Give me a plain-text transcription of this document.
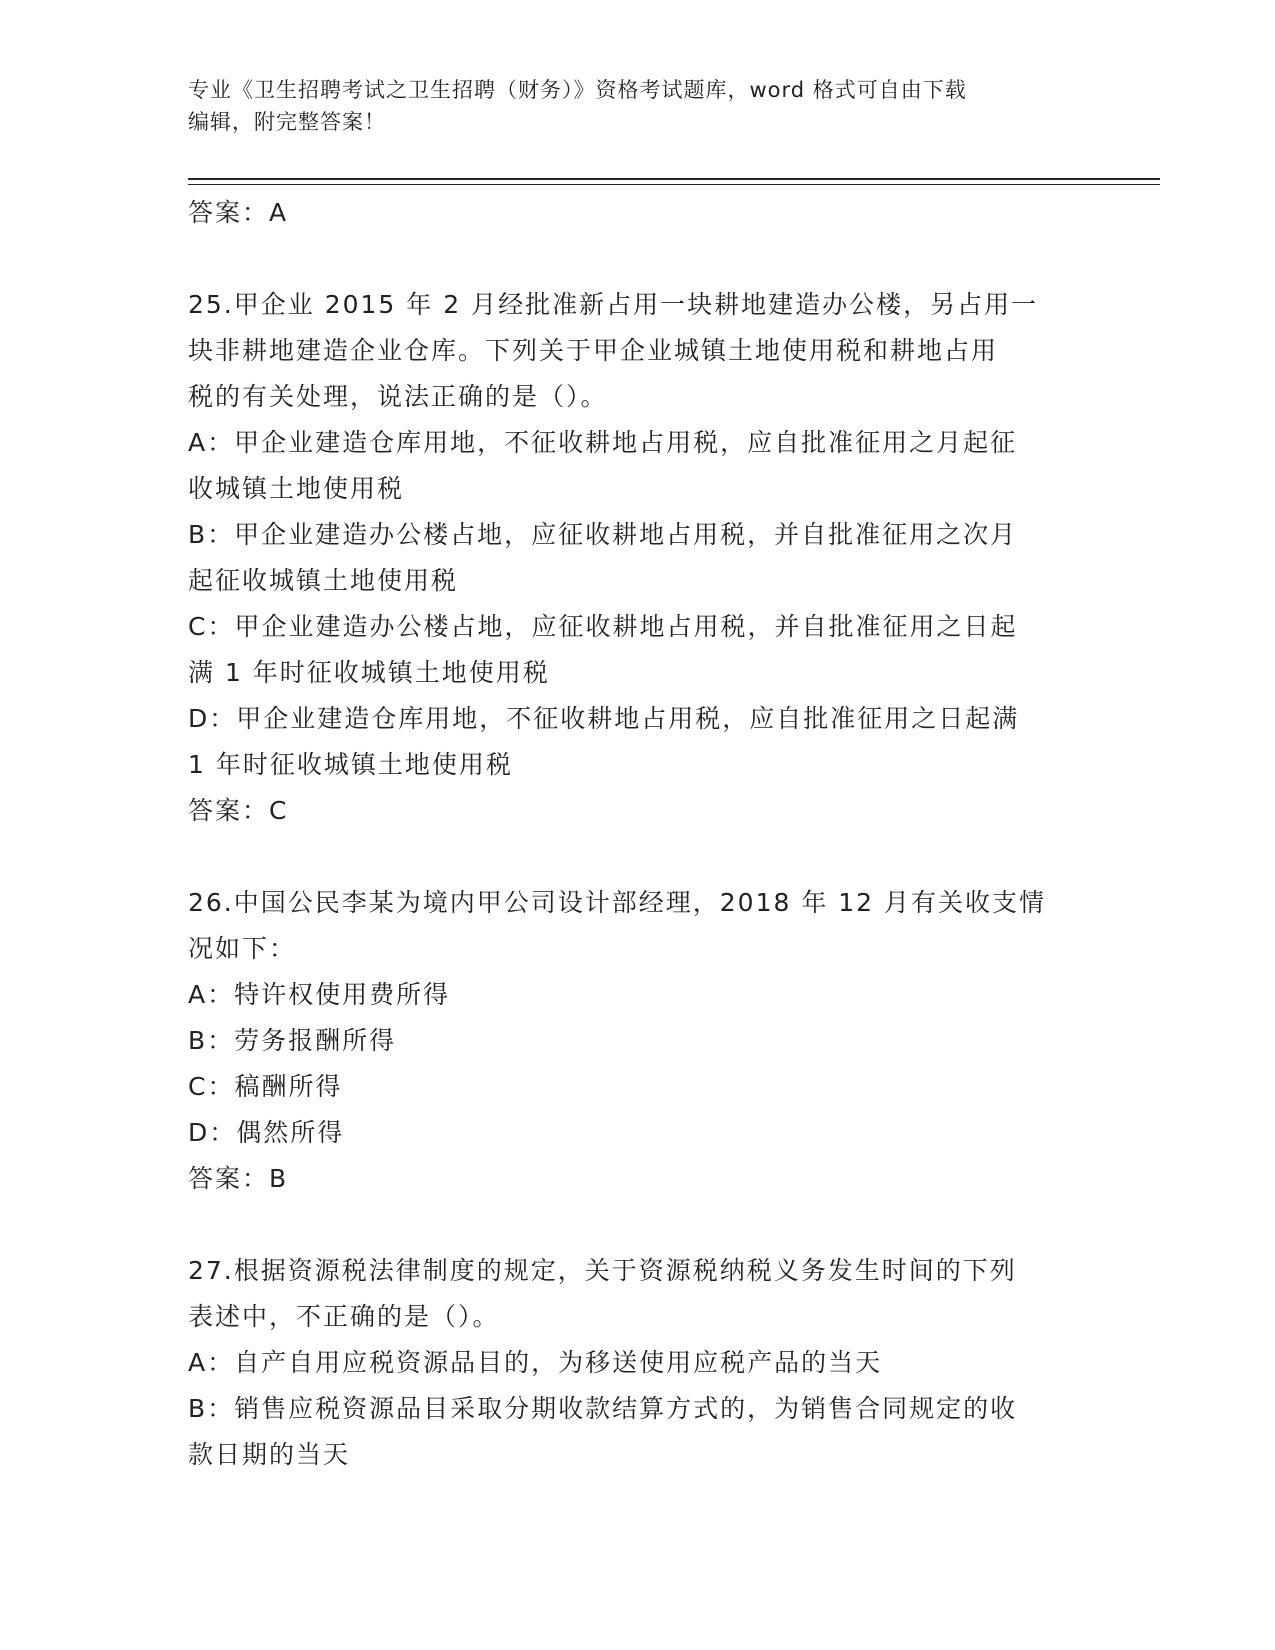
专业《卫生招聘考试之卫生招聘（财务）》资格考试题库，word 格式可自由下载
编辑，附完整答案！
答案：A
25.甲企业 2015 年 2 月经批准新占用一块耕地建造办公楼，另占用一
块非耕地建造企业仓库。下列关于甲企业城镇土地使用税和耕地占用
税的有关处理，说法正确的是（）。
A：甲企业建造仓库用地，不征收耕地占用税，应自批准征用之月起征
收城镇土地使用税
B：甲企业建造办公楼占地，应征收耕地占用税，并自批准征用之次月
起征收城镇土地使用税
C：甲企业建造办公楼占地，应征收耕地占用税，并自批准征用之日起
满 1 年时征收城镇土地使用税
D：甲企业建造仓库用地，不征收耕地占用税，应自批准征用之日起满
1 年时征收城镇土地使用税
答案：C
26.中国公民李某为境内甲公司设计部经理，2018 年 12 月有关收支情
况如下：
A：特许权使用费所得
B：劳务报酬所得
C：稿酬所得
D：偶然所得
答案：B
27.根据资源税法律制度的规定，关于资源税纳税义务发生时间的下列
表述中，不正确的是（）。
A：自产自用应税资源品目的，为移送使用应税产品的当天
B：销售应税资源品目采取分期收款结算方式的，为销售合同规定的收
款日期的当天
